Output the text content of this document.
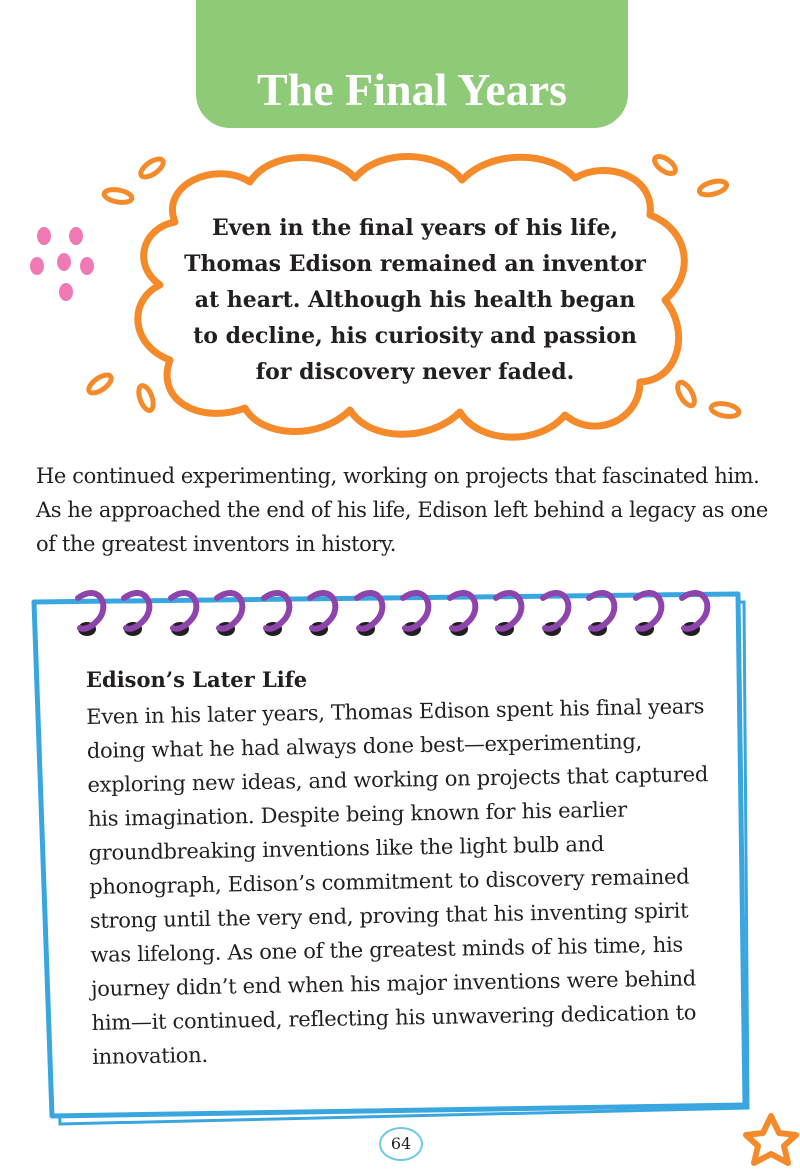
The Final Years
Even in the final years of his life, Thomas Edison remained an inventor at heart. Although his health began to decline, his curiosity and passion for discovery never faded.
He continued experimenting, working on projects that fascinated him. As he approached the end of his life, Edison left behind a legacy as one of the greatest inventors in history.
Edison’s Later Life
Even in his later years, Thomas Edison spent his final years doing what he had always done best—experimenting, exploring new ideas, and working on projects that captured his imagination. Despite being known for his earlier groundbreaking inventions like the light bulb and phonograph, Edison’s commitment to discovery remained strong until the very end, proving that his inventing spirit was lifelong. As one of the greatest minds of his time, his journey didn’t end when his major inventions were behind him—it continued, reflecting his unwavering dedication to innovation.
64
